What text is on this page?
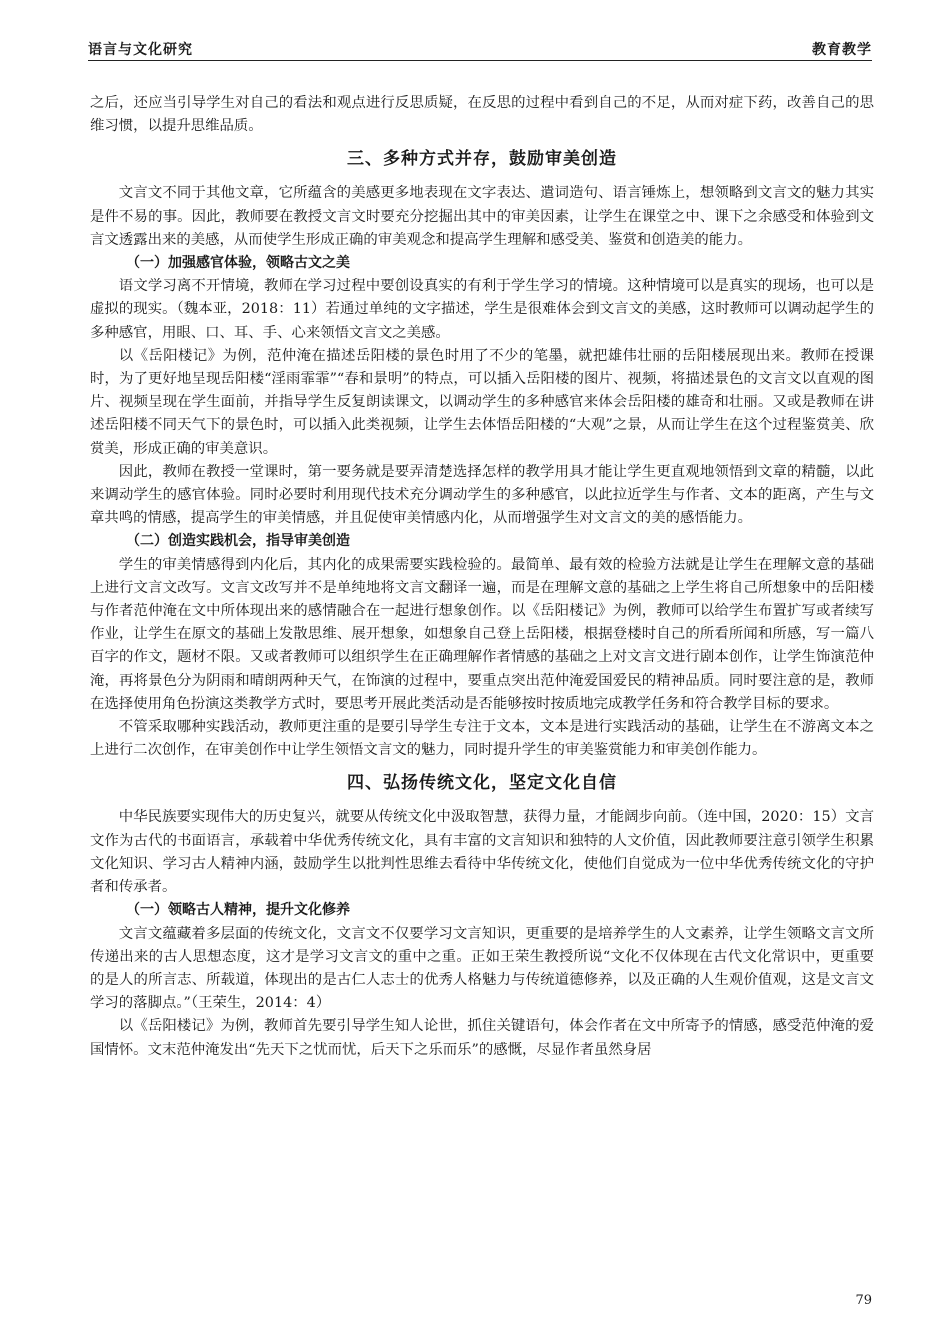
语言与文化研究	教育教学

之后，还应当引导学生对自己的看法和观点进行反思质疑，在反思的过程中看到自己的不足，从而对症下药，改善自己的思维习惯，以提升思维品质。

三、多种方式并存，鼓励审美创造

文言文不同于其他文章，它所蕴含的美感更多地表现在文字表达、遣词造句、语言锤炼上，想领略到文言文的魅力其实是件不易的事。因此，教师要在教授文言文时要充分挖掘出其中的审美因素，让学生在课堂之中、课下之余感受和体验到文言文透露出来的美感，从而使学生形成正确的审美观念和提高学生理解和感受美、鉴赏和创造美的能力。

（一）加强感官体验，领略古文之美

语文学习离不开情境，教师在学习过程中要创设真实的有利于学生学习的情境。这种情境可以是真实的现场，也可以是虚拟的现实。（魏本亚，2018：11）若通过单纯的文字描述，学生是很难体会到文言文的美感，这时教师可以调动起学生的多种感官，用眼、口、耳、手、心来领悟文言文之美感。

以《岳阳楼记》为例，范仲淹在描述岳阳楼的景色时用了不少的笔墨，就把雄伟壮丽的岳阳楼展现出来。教师在授课时，为了更好地呈现岳阳楼“淫雨霏霏”“春和景明”的特点，可以插入岳阳楼的图片、视频，将描述景色的文言文以直观的图片、视频呈现在学生面前，并指导学生反复朗读课文，以调动学生的多种感官来体会岳阳楼的雄奇和壮丽。又或是教师在讲述岳阳楼不同天气下的景色时，可以插入此类视频，让学生去体悟岳阳楼的“大观”之景，从而让学生在这个过程鉴赏美、欣赏美，形成正确的审美意识。

因此，教师在教授一堂课时，第一要务就是要弄清楚选择怎样的教学用具才能让学生更直观地领悟到文章的精髓，以此来调动学生的感官体验。同时必要时利用现代技术充分调动学生的多种感官，以此拉近学生与作者、文本的距离，产生与文章共鸣的情感，提高学生的审美情感，并且促使审美情感内化，从而增强学生对文言文的美的感悟能力。

（二）创造实践机会，指导审美创造

学生的审美情感得到内化后，其内化的成果需要实践检验的。最简单、最有效的检验方法就是让学生在理解文意的基础上进行文言文改写。文言文改写并不是单纯地将文言文翻译一遍，而是在理解文意的基础之上学生将自己所想象中的岳阳楼与作者范仲淹在文中所体现出来的感情融合在一起进行想象创作。以《岳阳楼记》为例，教师可以给学生布置扩写或者续写作业，让学生在原文的基础上发散思维、展开想象，如想象自己登上岳阳楼，根据登楼时自己的所看所闻和所感，写一篇八百字的作文，题材不限。又或者教师可以组织学生在正确理解作者情感的基础之上对文言文进行剧本创作，让学生饰演范仲淹，再将景色分为阴雨和晴朗两种天气，在饰演的过程中，要重点突出范仲淹爱国爱民的精神品质。同时要注意的是，教师在选择使用角色扮演这类教学方式时，要思考开展此类活动是否能够按时按质地完成教学任务和符合教学目标的要求。

不管采取哪种实践活动，教师更注重的是要引导学生专注于文本，文本是进行实践活动的基础，让学生在不游离文本之上进行二次创作，在审美创作中让学生领悟文言文的魅力，同时提升学生的审美鉴赏能力和审美创作能力。

四、弘扬传统文化，坚定文化自信

中华民族要实现伟大的历史复兴，就要从传统文化中汲取智慧，获得力量，才能阔步向前。（连中国，2020：15）文言文作为古代的书面语言，承载着中华优秀传统文化，具有丰富的文言知识和独特的人文价值，因此教师要注意引领学生积累文化知识、学习古人精神内涵，鼓励学生以批判性思维去看待中华传统文化，使他们自觉成为一位中华优秀传统文化的守护者和传承者。

（一）领略古人精神，提升文化修养

文言文蕴藏着多层面的传统文化，文言文不仅要学习文言知识，更重要的是培养学生的人文素养，让学生领略文言文所传递出来的古人思想态度，这才是学习文言文的重中之重。正如王荣生教授所说“文化不仅体现在古代文化常识中，更重要的是人的所言志、所载道，体现出的是古仁人志士的优秀人格魅力与传统道德修养，以及正确的人生观价值观，这是文言文学习的落脚点。”（王荣生，2014：4）

以《岳阳楼记》为例，教师首先要引导学生知人论世，抓住关键语句，体会作者在文中所寄予的情感，感受范仲淹的爱国情怀。文末范仲淹发出“先天下之忧而忧，后天下之乐而乐”的感慨，尽显作者虽然身居

79
